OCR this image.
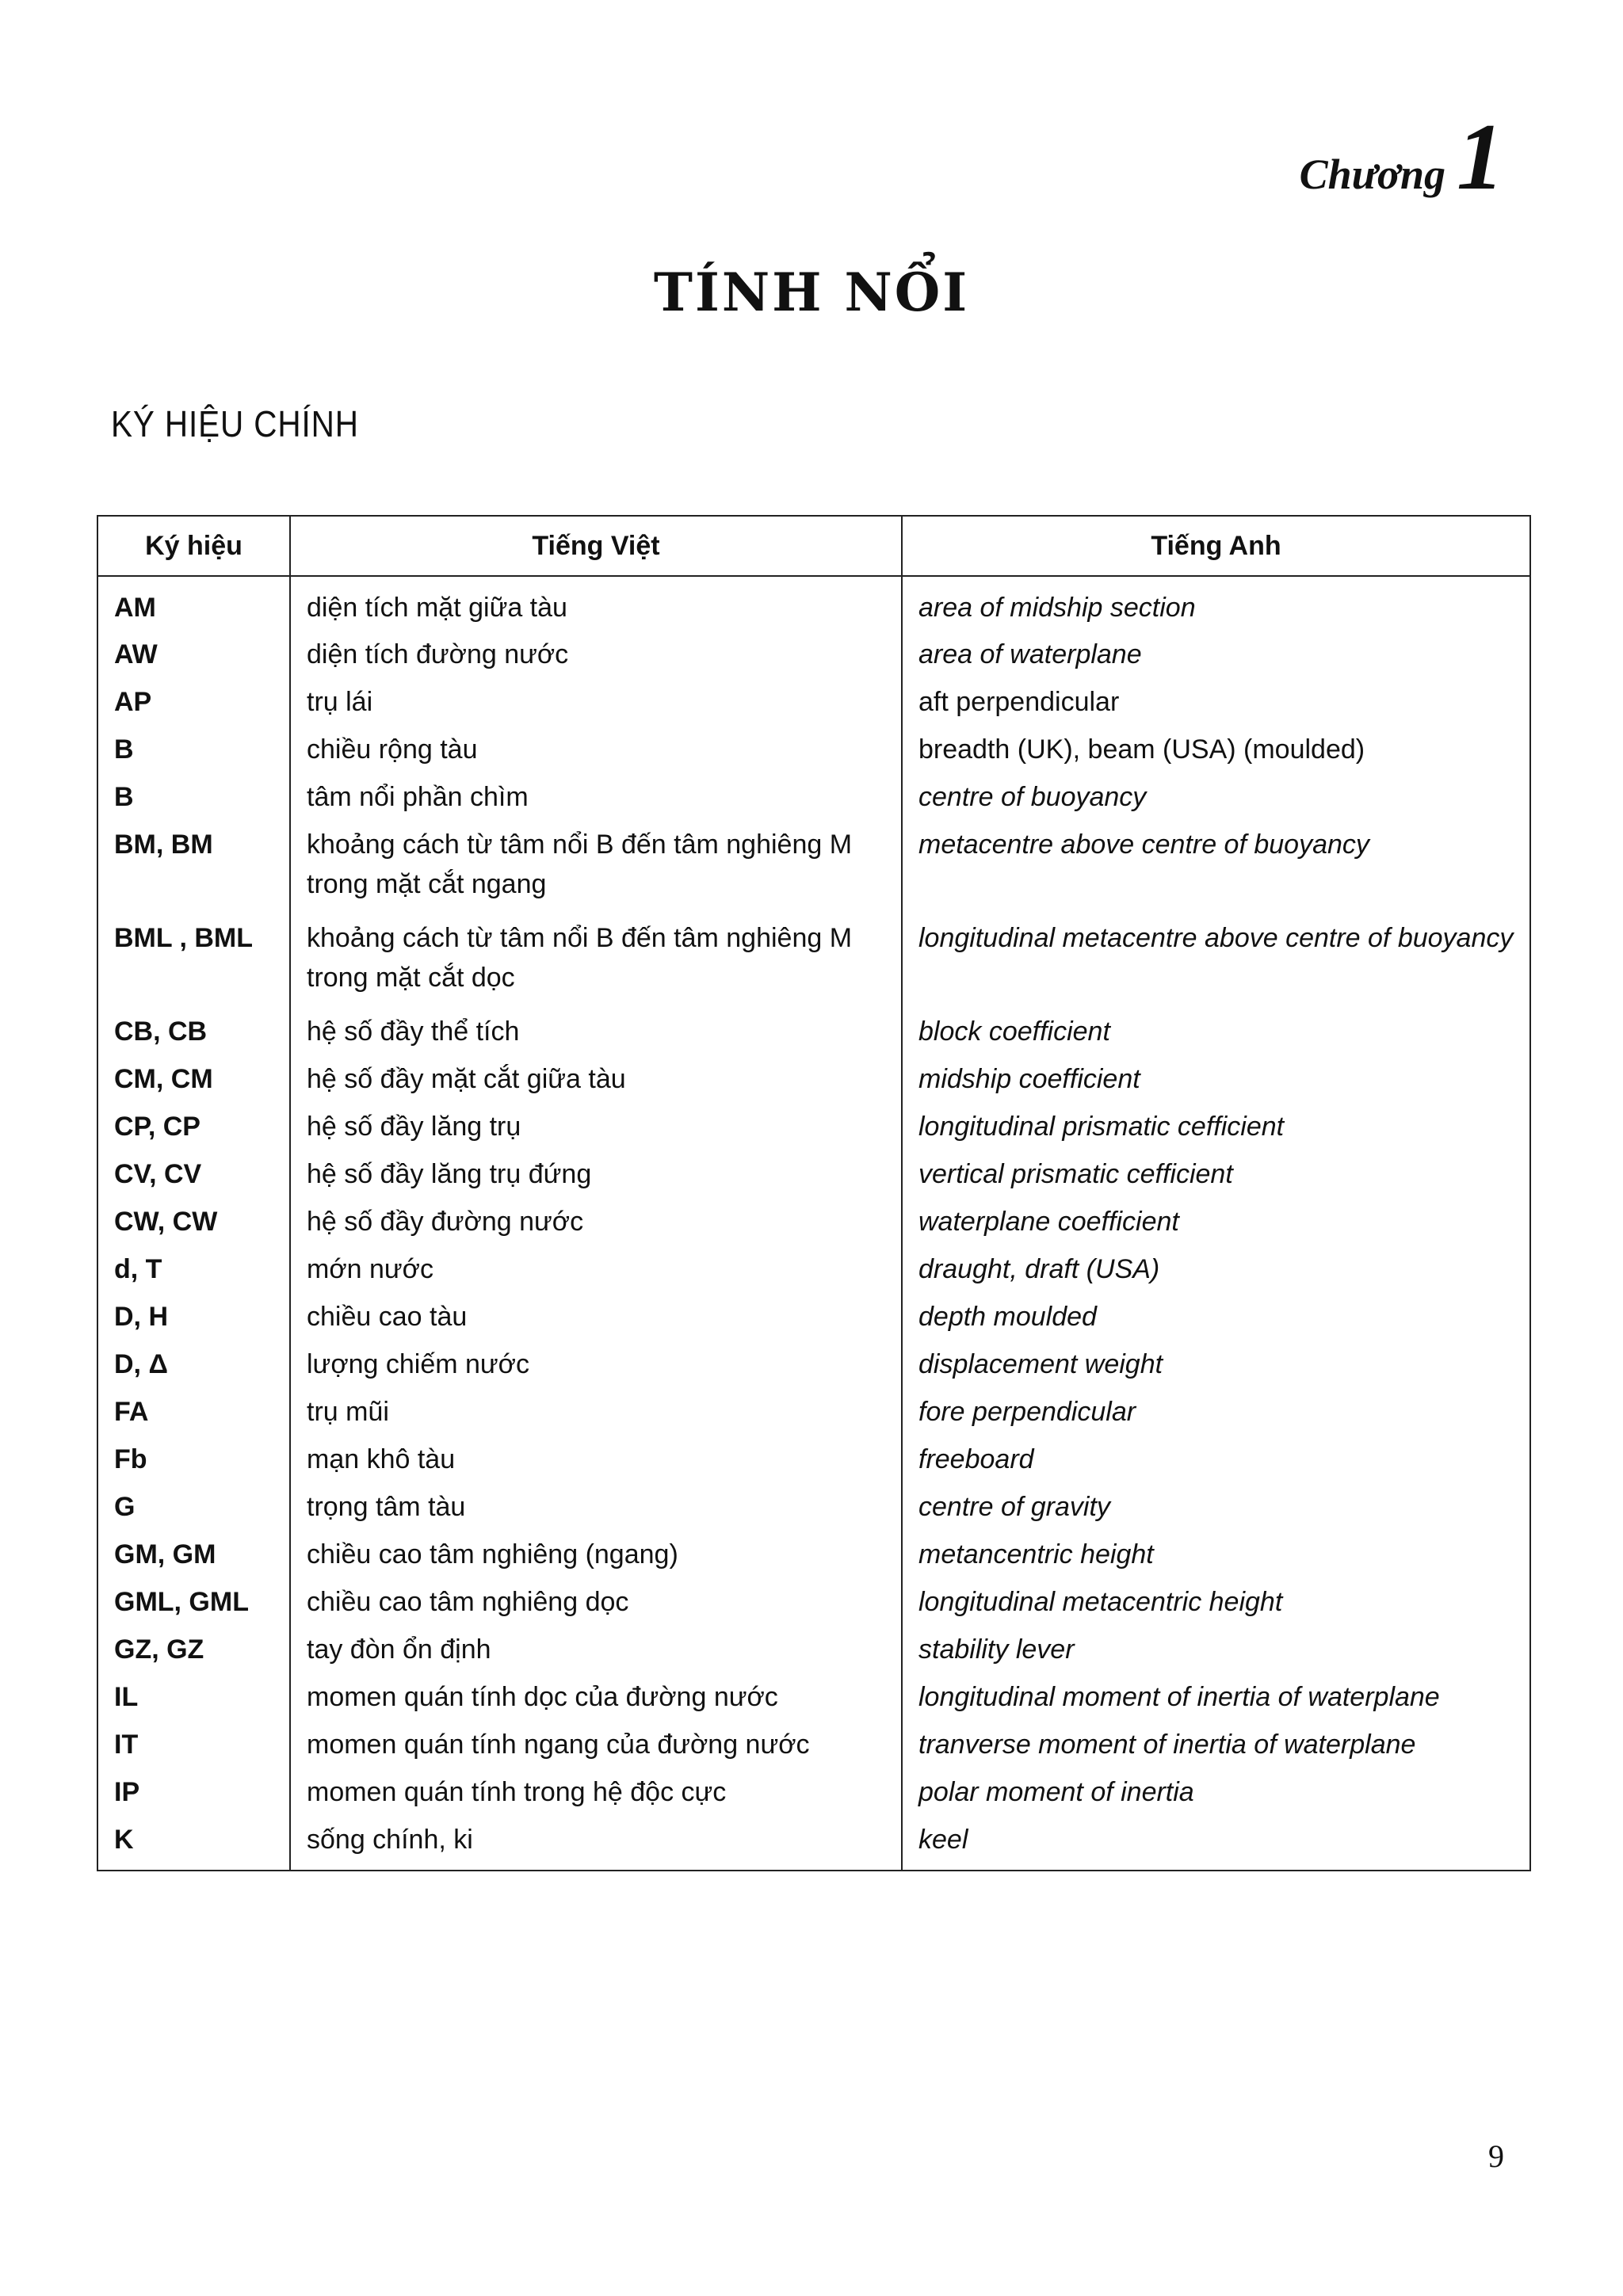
Chương 1
TÍNH NỔI
KÝ HIỆU CHÍNH
Ký hiệu	Tiếng Việt	Tiếng Anh
AM	diện tích mặt giữa tàu	area of midship section
AW	diện tích đường nước	area of waterplane
AP	trụ lái	aft perpendicular
B	chiều rộng tàu	breadth (UK), beam (USA) (moulded)
B	tâm nổi phần chìm	centre of buoyancy
BM, BM	khoảng cách từ tâm nổi B đến tâm nghiêng M trong mặt cắt ngang	metacentre above centre of buoyancy
BML , BML	khoảng cách từ tâm nổi B đến tâm nghiêng M trong mặt cắt dọc	longitudinal metacentre above centre of buoyancy
CB, CB	hệ số đầy thể tích	block coefficient
CM, CM	hệ số đầy mặt cắt giữa tàu	midship coefficient
CP, CP	hệ số đầy lăng trụ	longitudinal prismatic cefficient
CV, CV	hệ số đầy lăng trụ đứng	vertical prismatic cefficient
CW, CW	hệ số đầy đường nước	waterplane coefficient
d, T	mớn nước	draught, draft (USA)
D, H	chiều cao tàu	depth moulded
D, Δ	lượng chiếm nước	displacement weight
FA	trụ mũi	fore perpendicular
Fb	mạn khô tàu	freeboard
G	trọng tâm tàu	centre of gravity
GM, GM	chiều cao tâm nghiêng (ngang)	metancentric height
GML, GML	chiều cao tâm nghiêng dọc	longitudinal metacentric height
GZ, GZ	tay đòn ổn định	stability lever
IL	momen quán tính dọc của đường nước	longitudinal moment of inertia of waterplane
IT	momen quán tính ngang của đường nước	tranverse moment of inertia of waterplane
IP	momen quán tính trong hệ độc cực	polar moment of inertia
K	sống chính, ki	keel
9
